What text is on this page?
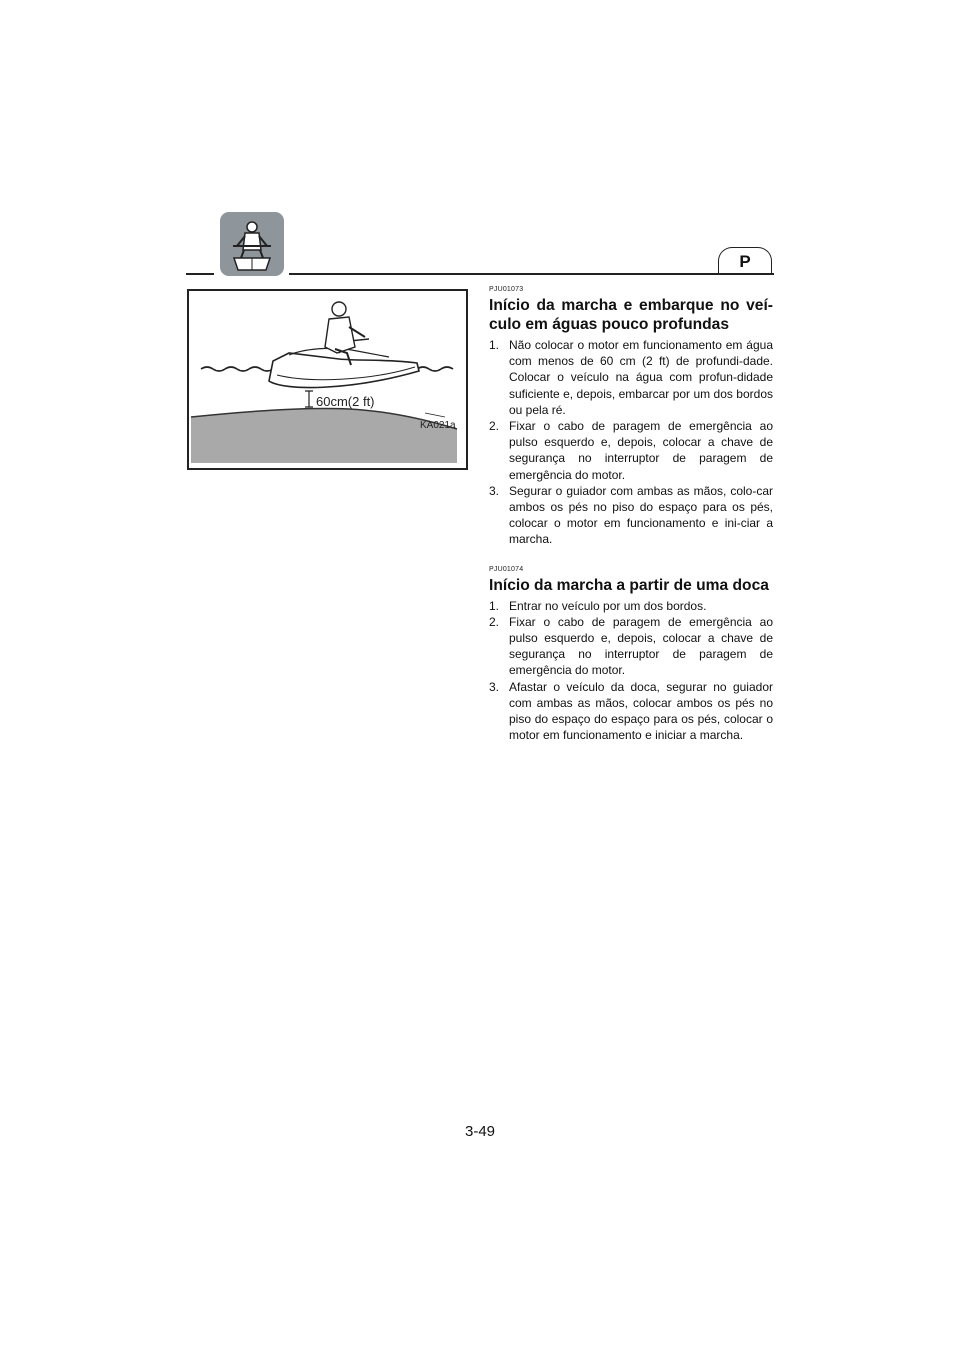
P
60cm(2 ft)
KA021a
PJU01073
Início da marcha e embarque no veí-culo em águas pouco profundas
1. Não colocar o motor em funcionamento em água com menos de 60 cm (2 ft) de profundi-dade. Colocar o veículo na água com profun-didade suficiente e, depois, embarcar por um dos bordos ou pela ré.
2. Fixar o cabo de paragem de emergência ao pulso esquerdo e, depois, colocar a chave de segurança no interruptor de paragem de emergência do motor.
3. Segurar o guiador com ambas as mãos, colo-car ambos os pés no piso do espaço para os pés, colocar o motor em funcionamento e ini-ciar a marcha.
PJU01074
Início da marcha a partir de uma doca
1. Entrar no veículo por um dos bordos.
2. Fixar o cabo de paragem de emergência ao pulso esquerdo e, depois, colocar a chave de segurança no interruptor de paragem de emergência do motor.
3. Afastar o veículo da doca, segurar no guiador com ambas as mãos, colocar ambos os pés no piso do espaço do espaço para os pés, colocar o motor em funcionamento e iniciar a marcha.
3-49
